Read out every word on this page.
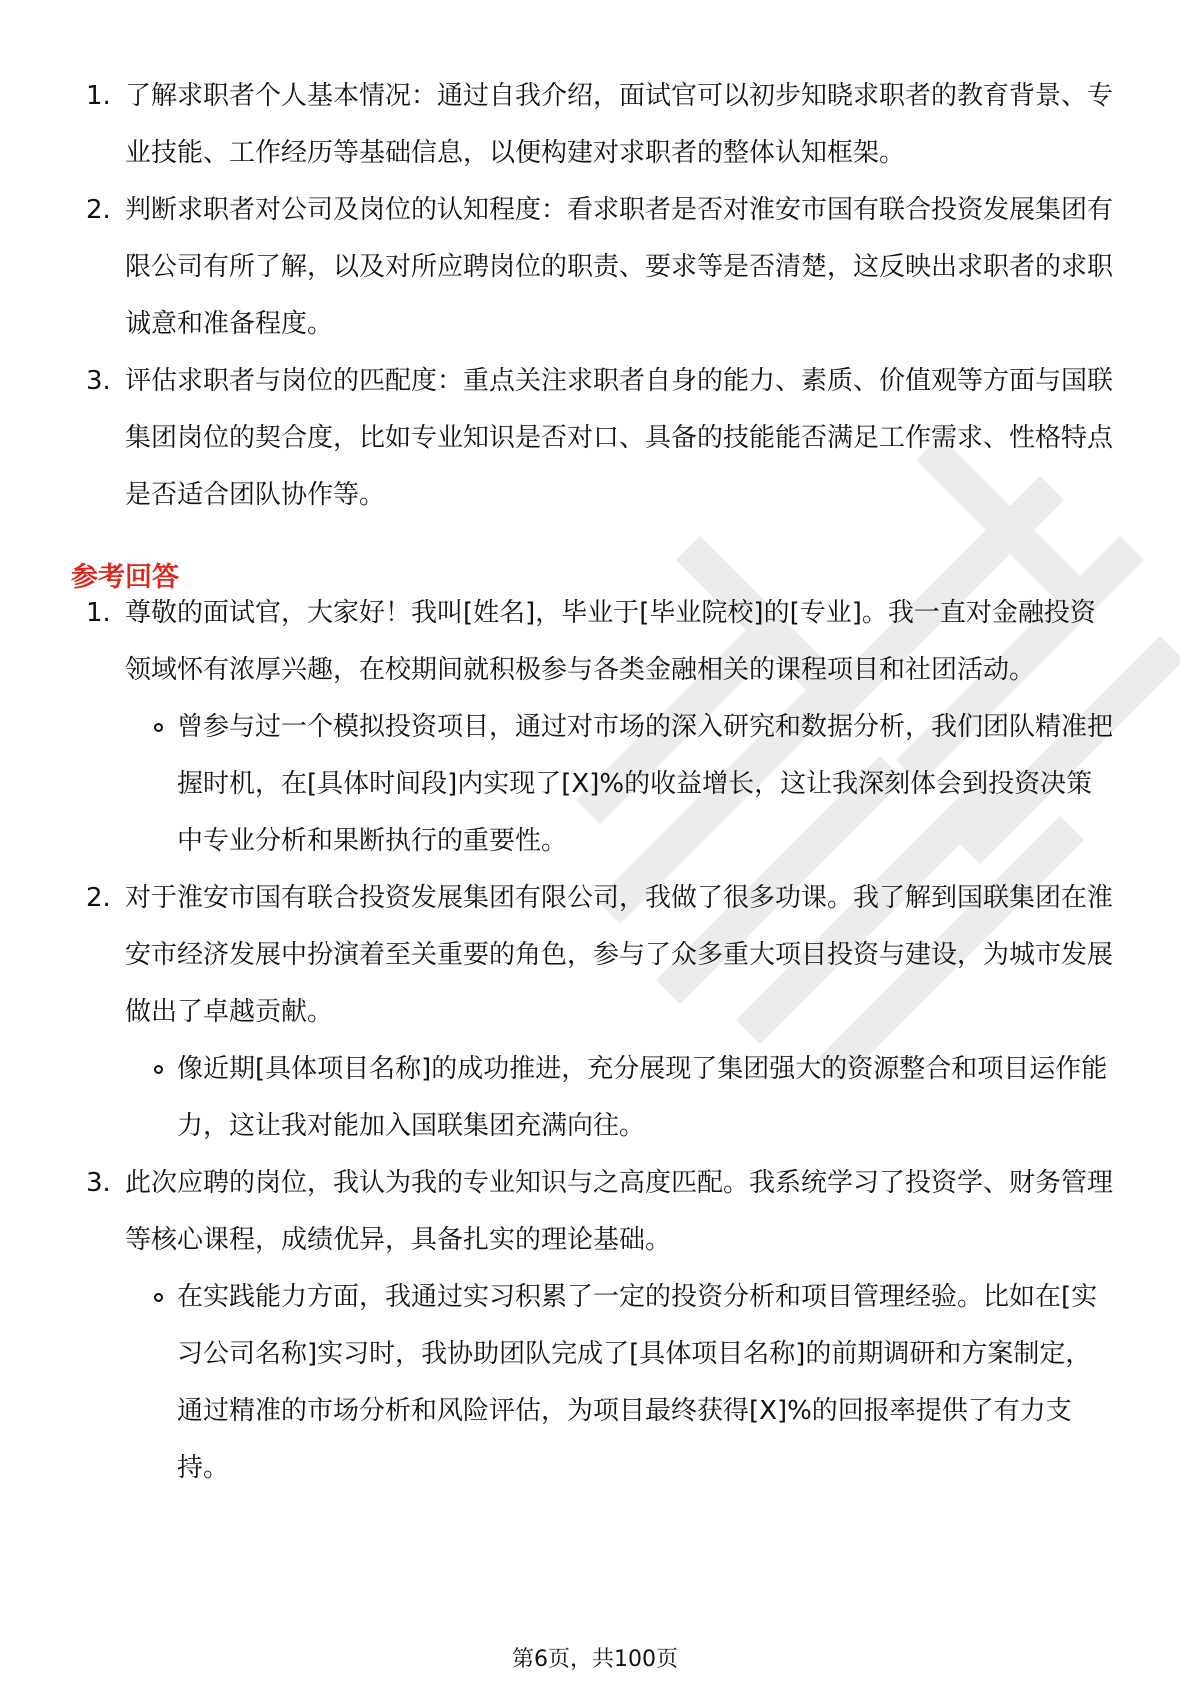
1. 了解求职者个人基本情况：通过自我介绍，面试官可以初步知晓求职者的教育背景、专业技能、工作经历等基础信息，以便构建对求职者的整体认知框架。

2. 判断求职者对公司及岗位的认知程度：看求职者是否对淮安市国有联合投资发展集团有限公司有所了解，以及对所应聘岗位的职责、要求等是否清楚，这反映出求职者的求职诚意和准备程度。

3. 评估求职者与岗位的匹配度：重点关注求职者自身的能力、素质、价值观等方面与国联集团岗位的契合度，比如专业知识是否对口、具备的技能能否满足工作需求、性格特点是否适合团队协作等。

参考回答
1. 尊敬的面试官，大家好！我叫[姓名]，毕业于[毕业院校]的[专业]。我一直对金融投资领域怀有浓厚兴趣，在校期间就积极参与各类金融相关的课程项目和社团活动。

曾参与过一个模拟投资项目，通过对市场的深入研究和数据分析，我们团队精准把握时机，在[具体时间段]内实现了[X]%的收益增长，这让我深刻体会到投资决策中专业分析和果断执行的重要性。

2. 对于淮安市国有联合投资发展集团有限公司，我做了很多功课。我了解到国联集团在淮安市经济发展中扮演着至关重要的角色，参与了众多重大项目投资与建设，为城市发展做出了卓越贡献。

像近期[具体项目名称]的成功推进，充分展现了集团强大的资源整合和项目运作能力，这让我对能加入国联集团充满向往。

3. 此次应聘的岗位，我认为我的专业知识与之高度匹配。我系统学习了投资学、财务管理等核心课程，成绩优异，具备扎实的理论基础。

在实践能力方面，我通过实习积累了一定的投资分析和项目管理经验。比如在[实习公司名称]实习时，我协助团队完成了[具体项目名称]的前期调研和方案制定，通过精准的市场分析和风险评估，为项目最终获得[X]%的回报率提供了有力支持。

第6页，共100页
